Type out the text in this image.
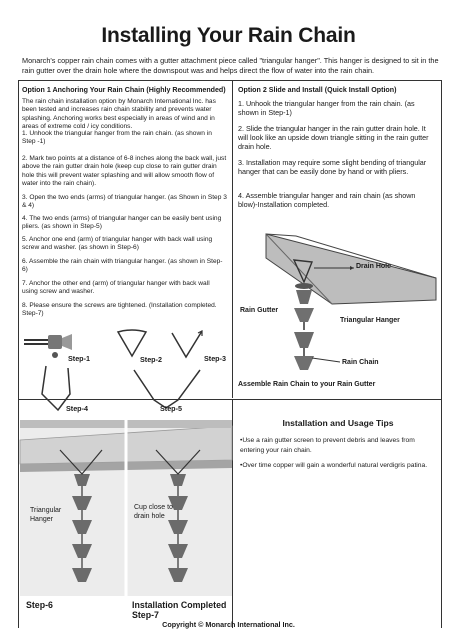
Installing Your Rain Chain
Monarch's copper rain chain comes with a gutter attachment piece called "triangular hanger". This hanger is designed to sit in the rain gutter over the drain hole where the downspout was and helps direct the flow of water into the rain chain.
Option 1 Anchoring Your Rain Chain (Highly Recommended)
The rain chain installation option by Monarch International Inc. has been tested and increases rain chain stability and prevents water splashing. Anchoring works best especially in areas of wind and in areas of extreme cold / icy conditions.
1. Unhook the triangular hanger from the rain chain. (as shown in Step -1)
2. Mark two points at a distance of 6-8 inches along the back wall, just above the rain gutter drain hole (keep cup close to rain gutter drain hole this will prevent water splashing and will allow smooth flow of water into the rain chain).
3. Open the two ends (arms) of triangular hanger. (as Shown in Step 3 & 4)
4. The two ends (arms) of triangular hanger can be easily bent using pliers. (as shown in Step-5)
5. Anchor one end (arm) of triangular hanger with back wall using screw and washer. (as shown in Step-6)
6. Assemble the rain chain with triangular hanger. (as shown in Step-6)
7. Anchor the other end (arm) of triangular hanger with back wall using screw and washer.
8. Please ensure the screws are tightened. (Installation completed. Step-7)
Step-1	Step-2	Step-3
Step-4	Step-5
Option 2 Slide and Install (Quick Install Option)
1. Unhook the triangular hanger from the rain chain. (as shown in Step-1)
2. Slide the triangular hanger in the rain gutter drain hole. It will look like an upside down triangle sitting in the rain gutter drain hole.
3. Installation may require some slight bending of triangular hanger that can be easily done by hand or with pliers.
4. Assemble triangular hanger and rain chain (as shown blow)-Installation completed.
Drain Hole
Rain Gutter
Triangular Hanger
Rain Chain
Assemble Rain Chain to your Rain Gutter
Installation and Usage Tips
•Use a rain gutter screen to prevent debris and leaves from entering your rain chain.
•Over time copper will gain a wonderful natural verdigris patina.
Triangular Hanger
Cup close to drain hole
Step-6	Installation Completed Step-7
Copyright © Monarch International Inc.
